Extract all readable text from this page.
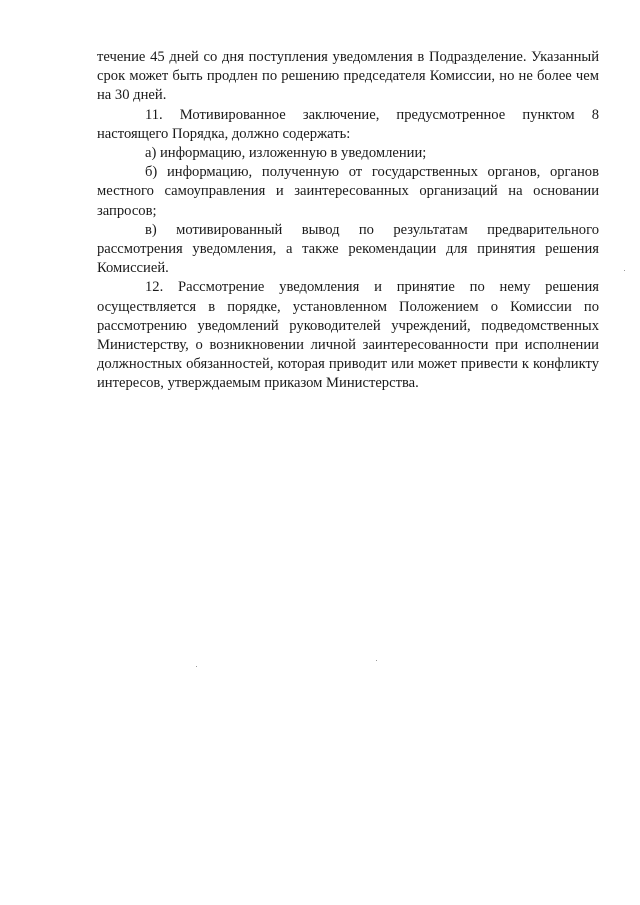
течение 45 дней со дня поступления уведомления в Подразделение. Указанный срок может быть продлен по решению председателя Комиссии, но не более чем на 30 дней.

11. Мотивированное заключение, предусмотренное пунктом 8 настоящего Порядка, должно содержать:

а) информацию, изложенную в уведомлении;

б) информацию, полученную от государственных органов, органов местного самоуправления и заинтересованных организаций на основании запросов;

в) мотивированный вывод по результатам предварительного рассмотрения уведомления, а также рекомендации для принятия решения Комиссией.

12. Рассмотрение уведомления и принятие по нему решения осуществляется в порядке, установленном Положением о Комиссии по рассмотрению уведомлений руководителей учреждений, подведомственных Министерству, о возникновении личной заинтересованности при исполнении должностных обязанностей, которая приводит или может привести к конфликту интересов, утверждаемым приказом Министерства.
